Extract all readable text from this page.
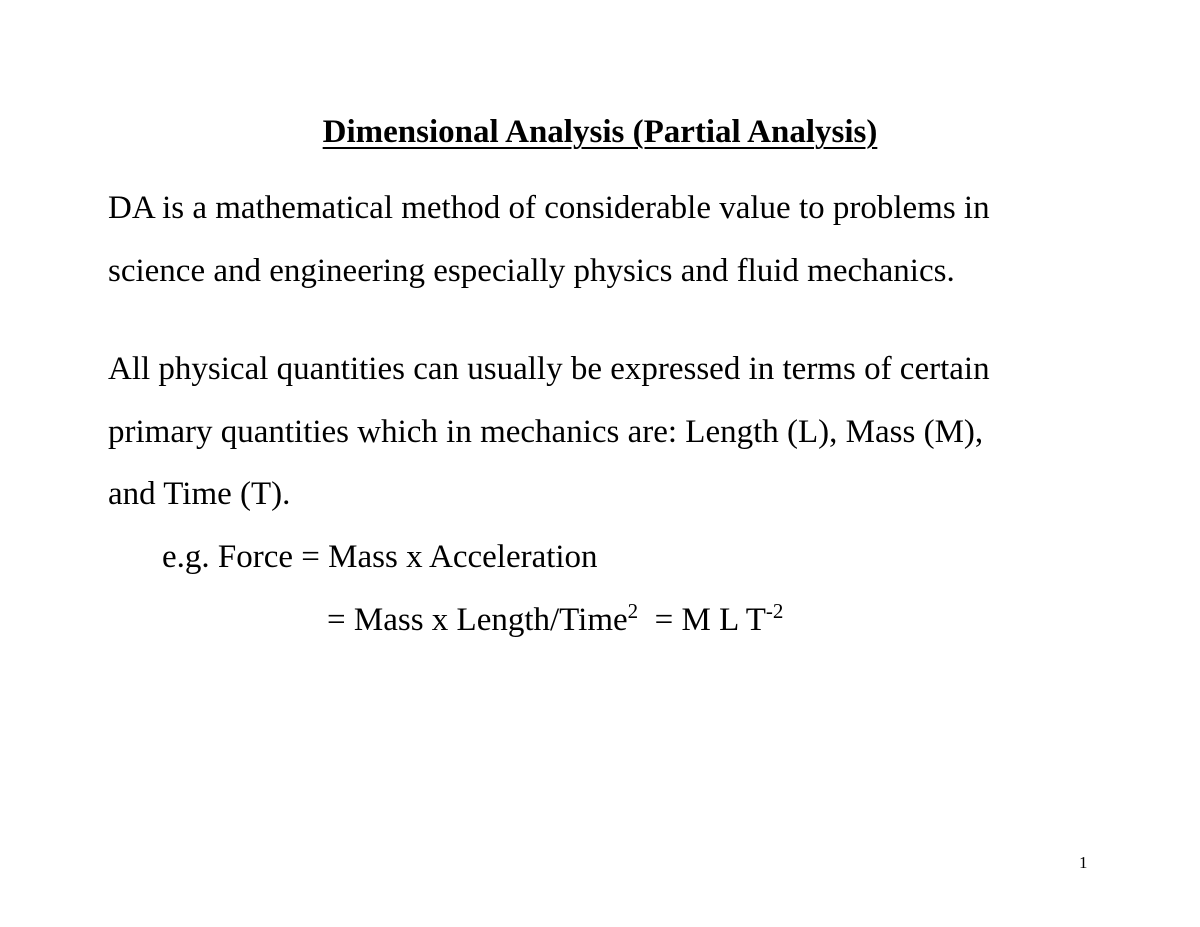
Dimensional Analysis (Partial Analysis)
DA is a mathematical method of considerable value to problems in
science and engineering especially physics and fluid mechanics.
All physical quantities can usually be expressed in terms of certain
primary quantities which in mechanics are: Length (L), Mass (M),
and Time (T).
e.g. Force = Mass x Acceleration
= Mass x Length/Time$^2$  = M L $T^{-2}$
1
